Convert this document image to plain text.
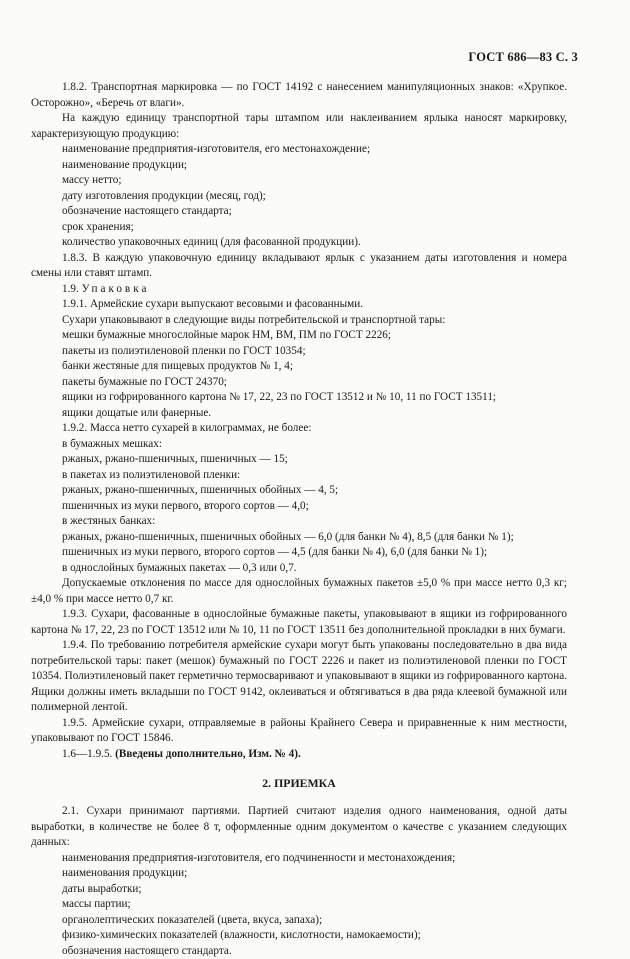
ГОСТ 686—83 С. 3
1.8.2. Транспортная маркировка — по ГОСТ 14192 с нанесением манипуляционных знаков: «Хрупкое. Осторожно», «Беречь от влаги».
На каждую единицу транспортной тары штампом или наклеиванием ярлыка наносят маркировку, характеризующую продукцию:
наименование предприятия-изготовителя, его местонахождение;
наименование продукции;
массу нетто;
дату изготовления продукции (месяц, год);
обозначение настоящего стандарта;
срок хранения;
количество упаковочных единиц (для фасованной продукции).
1.8.3. В каждую упаковочную единицу вкладывают ярлык с указанием даты изготовления и номера смены или ставят штамп.
1.9. Упаковка
1.9.1. Армейские сухари выпускают весовыми и фасованными.
Сухари упаковывают в следующие виды потребительской и транспортной тары:
мешки бумажные многослойные марок НМ, ВМ, ПМ по ГОСТ 2226;
пакеты из полиэтиленовой пленки по ГОСТ 10354;
банки жестяные для пищевых продуктов № 1, 4;
пакеты бумажные по ГОСТ 24370;
ящики из гофрированного картона № 17, 22, 23 по ГОСТ 13512 и № 10, 11 по ГОСТ 13511;
ящики дощатые или фанерные.
1.9.2. Масса нетто сухарей в килограммах, не более:
в бумажных мешках:
ржаных, ржано-пшеничных, пшеничных — 15;
в пакетах из полиэтиленовой пленки:
ржаных, ржано-пшеничных, пшеничных обойных — 4, 5;
пшеничных из муки первого, второго сортов — 4,0;
в жестяных банках:
ржаных, ржано-пшеничных, пшеничных обойных — 6,0 (для банки № 4), 8,5 (для банки № 1);
пшеничных из муки первого, второго сортов — 4,5 (для банки № 4), 6,0 (для банки № 1);
в однослойных бумажных пакетах — 0,3 или 0,7.
Допускаемые отклонения по массе для однослойных бумажных пакетов ±5,0 % при массе нетто 0,3 кг; ±4,0 % при массе нетто 0,7 кг.
1.9.3. Сухари, фасованные в однослойные бумажные пакеты, упаковывают в ящики из гофрированного картона № 17, 22, 23 по ГОСТ 13512 или № 10, 11 по ГОСТ 13511 без дополнительной прокладки в них бумаги.
1.9.4. По требованию потребителя армейские сухари могут быть упакованы последовательно в два вида потребительской тары: пакет (мешок) бумажный по ГОСТ 2226 и пакет из полиэтиленовой пленки по ГОСТ 10354. Полиэтиленовый пакет герметично термосваривают и упаковывают в ящики из гофрированного картона. Ящики должны иметь вкладыши по ГОСТ 9142, оклеиваться и обтягиваться в два ряда клеевой бумажной или полимерной лентой.
1.9.5. Армейские сухари, отправляемые в районы Крайнего Севера и приравненные к ним местности, упаковывают по ГОСТ 15846.
1.6—1.9.5. (Введены дополнительно, Изм. № 4).
2. ПРИЕМКА
2.1. Сухари принимают партиями. Партией считают изделия одного наименования, одной даты выработки, в количестве не более 8 т, оформленные одним документом о качестве с указанием следующих данных:
наименования предприятия-изготовителя, его подчиненности и местонахождения;
наименования продукции;
даты выработки;
массы партии;
органолептических показателей (цвета, вкуса, запаха);
физико-химических показателей (влажности, кислотности, намокаемости);
обозначения настоящего стандарта.
